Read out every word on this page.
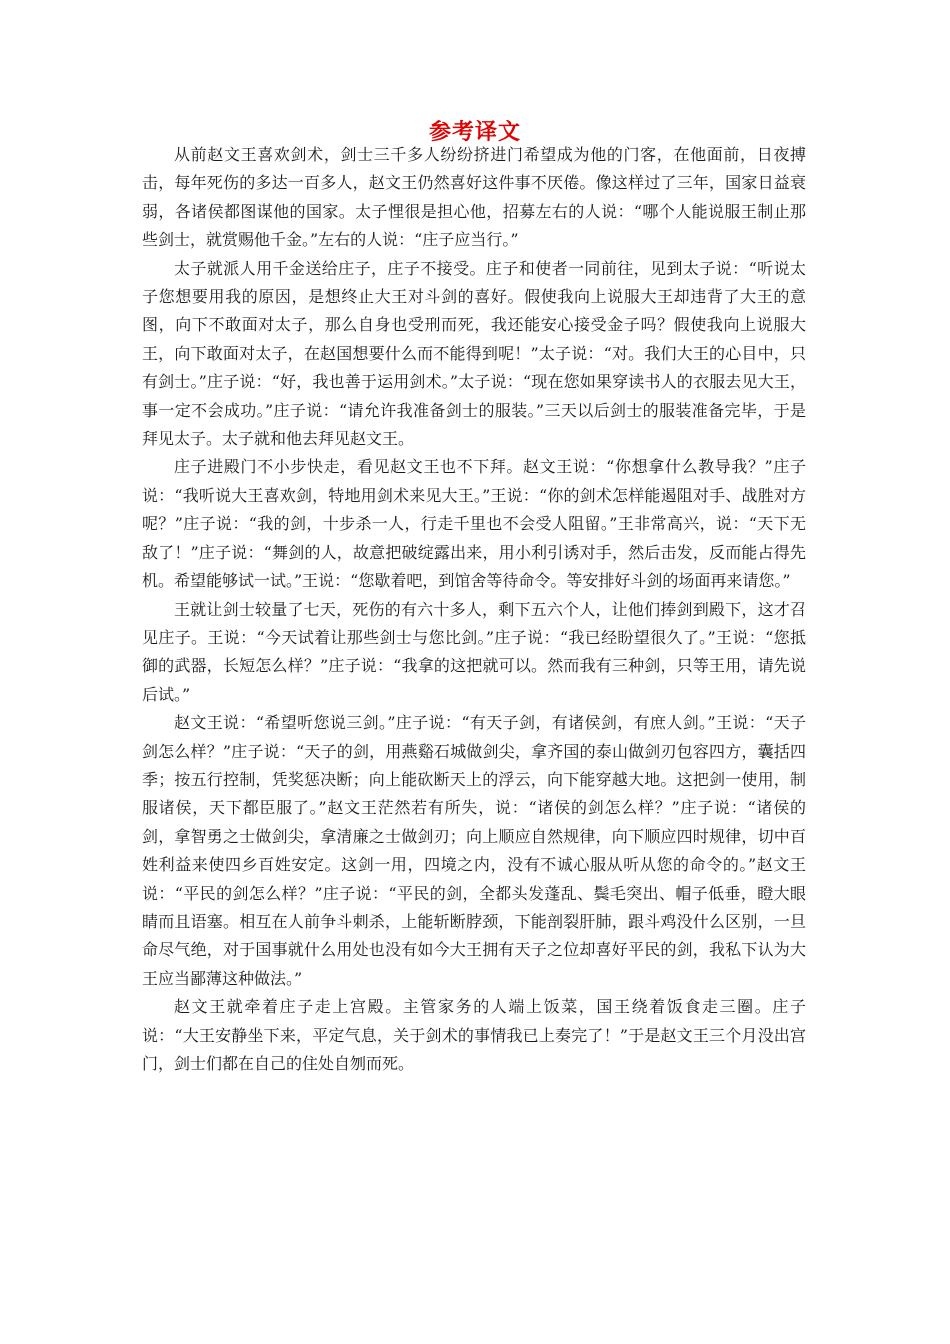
参考译文

从前赵文王喜欢剑术，剑士三千多人纷纷挤进门希望成为他的门客，在他面前，日夜搏击，每年死伤的多达一百多人，赵文王仍然喜好这件事不厌倦。像这样过了三年，国家日益衰弱，各诸侯都图谋他的国家。太子悝很是担心他，招募左右的人说：“哪个人能说服王制止那些剑士，就赏赐他千金。”左右的人说：“庄子应当行。”

太子就派人用千金送给庄子，庄子不接受。庄子和使者一同前往，见到太子说：“听说太子您想要用我的原因，是想终止大王对斗剑的喜好。假使我向上说服大王却违背了大王的意图，向下不敢面对太子，那么自身也受刑而死，我还能安心接受金子吗？假使我向上说服大王，向下敢面对太子，在赵国想要什么而不能得到呢！”太子说：“对。我们大王的心目中，只有剑士。”庄子说：“好，我也善于运用剑术。”太子说：“现在您如果穿读书人的衣服去见大王，事一定不会成功。”庄子说：“请允许我准备剑士的服装。”三天以后剑士的服装准备完毕，于是拜见太子。太子就和他去拜见赵文王。

庄子进殿门不小步快走，看见赵文王也不下拜。赵文王说：“你想拿什么教导我？”庄子说：“我听说大王喜欢剑，特地用剑术来见大王。”王说：“你的剑术怎样能遏阻对手、战胜对方呢？”庄子说：“我的剑，十步杀一人，行走千里也不会受人阻留。”王非常高兴，说：“天下无敌了！”庄子说：“舞剑的人，故意把破绽露出来，用小利引诱对手，然后击发，反而能占得先机。希望能够试一试。”王说：“您歇着吧，到馆舍等待命令。等安排好斗剑的场面再来请您。”

王就让剑士较量了七天，死伤的有六十多人，剩下五六个人，让他们捧剑到殿下，这才召见庄子。王说：“今天试着让那些剑士与您比剑。”庄子说：“我已经盼望很久了。”王说：“您抵御的武器，长短怎么样？”庄子说：“我拿的这把就可以。然而我有三种剑，只等王用，请先说后试。”

赵文王说：“希望听您说三剑。”庄子说：“有天子剑，有诸侯剑，有庶人剑。”王说：“天子剑怎么样？”庄子说：“天子的剑，用燕谿石城做剑尖，拿齐国的泰山做剑刃包容四方，囊括四季；按五行控制，凭奖惩决断；向上能砍断天上的浮云，向下能穿越大地。这把剑一使用，制服诸侯，天下都臣服了。”赵文王茫然若有所失，说：“诸侯的剑怎么样？”庄子说：“诸侯的剑，拿智勇之士做剑尖，拿清廉之士做剑刃；向上顺应自然规律，向下顺应四时规律，切中百姓利益来使四乡百姓安定。这剑一用，四境之内，没有不诚心服从听从您的命令的。”赵文王说：“平民的剑怎么样？”庄子说：“平民的剑，全都头发蓬乱、鬓毛突出、帽子低垂，瞪大眼睛而且语塞。相互在人前争斗刺杀，上能斩断脖颈，下能剖裂肝肺，跟斗鸡没什么区别，一旦命尽气绝，对于国事就什么用处也没有如今大王拥有天子之位却喜好平民的剑，我私下认为大王应当鄙薄这种做法。”

赵文王就牵着庄子走上宫殿。主管家务的人端上饭菜，国王绕着饭食走三圈。庄子说：“大王安静坐下来，平定气息，关于剑术的事情我已上奏完了！”于是赵文王三个月没出宫门，剑士们都在自己的住处自刎而死。
